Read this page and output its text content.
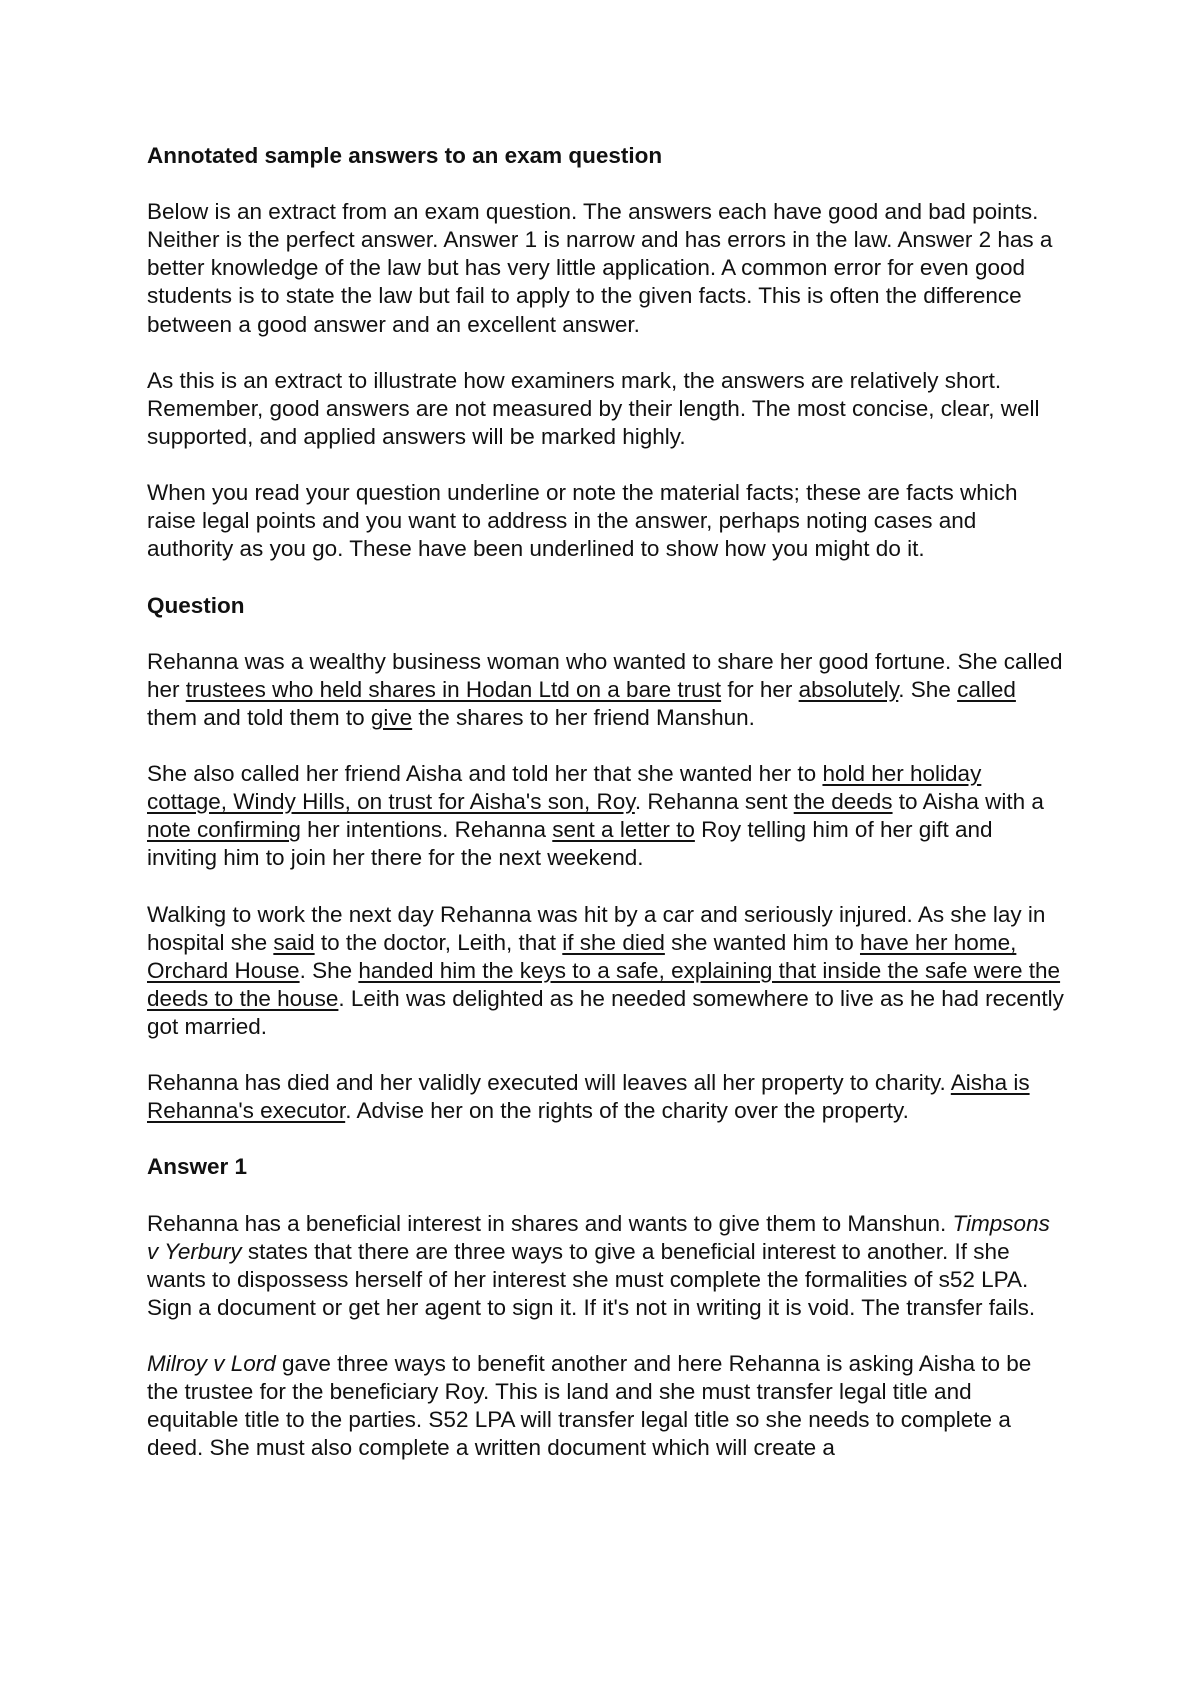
Annotated sample answers to an exam question

Below is an extract from an exam question. The answers each have good and bad points. Neither is the perfect answer. Answer 1 is narrow and has errors in the law. Answer 2 has a better knowledge of the law but has very little application. A common error for even good students is to state the law but fail to apply to the given facts. This is often the difference between a good answer and an excellent answer.

As this is an extract to illustrate how examiners mark, the answers are relatively short. Remember, good answers are not measured by their length. The most concise, clear, well supported, and applied answers will be marked highly.

When you read your question underline or note the material facts; these are facts which raise legal points and you want to address in the answer, perhaps noting cases and authority as you go. These have been underlined to show how you might do it.

Question

Rehanna was a wealthy business woman who wanted to share her good fortune. She called her trustees who held shares in Hodan Ltd on a bare trust for her absolutely. She called them and told them to give the shares to her friend Manshun.

She also called her friend Aisha and told her that she wanted her to hold her holiday cottage, Windy Hills, on trust for Aisha's son, Roy. Rehanna sent the deeds to Aisha with a note confirming her intentions. Rehanna sent a letter to Roy telling him of her gift and inviting him to join her there for the next weekend.

Walking to work the next day Rehanna was hit by a car and seriously injured. As she lay in hospital she said to the doctor, Leith, that if she died she wanted him to have her home, Orchard House. She handed him the keys to a safe, explaining that inside the safe were the deeds to the house. Leith was delighted as he needed somewhere to live as he had recently got married.

Rehanna has died and her validly executed will leaves all her property to charity. Aisha is Rehanna's executor. Advise her on the rights of the charity over the property.

Answer 1

Rehanna has a beneficial interest in shares and wants to give them to Manshun. Timpsons v Yerbury states that there are three ways to give a beneficial interest to another. If she wants to dispossess herself of her interest she must complete the formalities of s52 LPA. Sign a document or get her agent to sign it. If it's not in writing it is void. The transfer fails.

Milroy v Lord gave three ways to benefit another and here Rehanna is asking Aisha to be the trustee for the beneficiary Roy. This is land and she must transfer legal title and equitable title to the parties. S52 LPA will transfer legal title so she needs to complete a deed. She must also complete a written document which will create a
